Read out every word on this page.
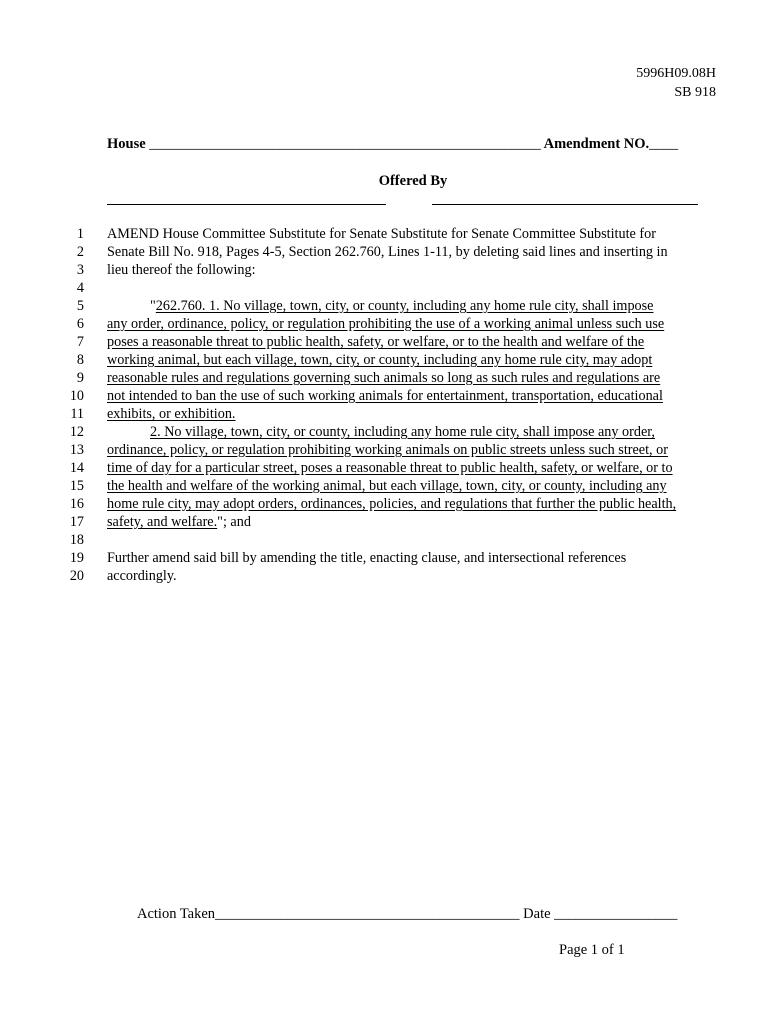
5996H09.08H
SB 918
House ______________________________________________________ Amendment NO.____
Offered By
1 AMEND House Committee Substitute for Senate Substitute for Senate Committee Substitute for
2 Senate Bill No. 918, Pages 4-5, Section 262.760, Lines 1-11, by deleting said lines and inserting in
3 lieu thereof the following:
4
5	"262.760. 1. No village, town, city, or county, including any home rule city, shall impose
6 any order, ordinance, policy, or regulation prohibiting the use of a working animal unless such use
7 poses a reasonable threat to public health, safety, or welfare, or to the health and welfare of the
8 working animal, but each village, town, city, or county, including any home rule city, may adopt
9 reasonable rules and regulations governing such animals so long as such rules and regulations are
10 not intended to ban the use of such working animals for entertainment, transportation, educational
11 exhibits, or exhibition.
12	2. No village, town, city, or county, including any home rule city, shall impose any order,
13 ordinance, policy, or regulation prohibiting working animals on public streets unless such street, or
14 time of day for a particular street, poses a reasonable threat to public health, safety, or welfare, or to
15 the health and welfare of the working animal, but each village, town, city, or county, including any
16 home rule city, may adopt orders, ordinances, policies, and regulations that further the public health,
17 safety, and welfare."; and
18
19 Further amend said bill by amending the title, enacting clause, and intersectional references
20 accordingly.
Action Taken__________________________________________ Date _________________
Page 1 of 1
